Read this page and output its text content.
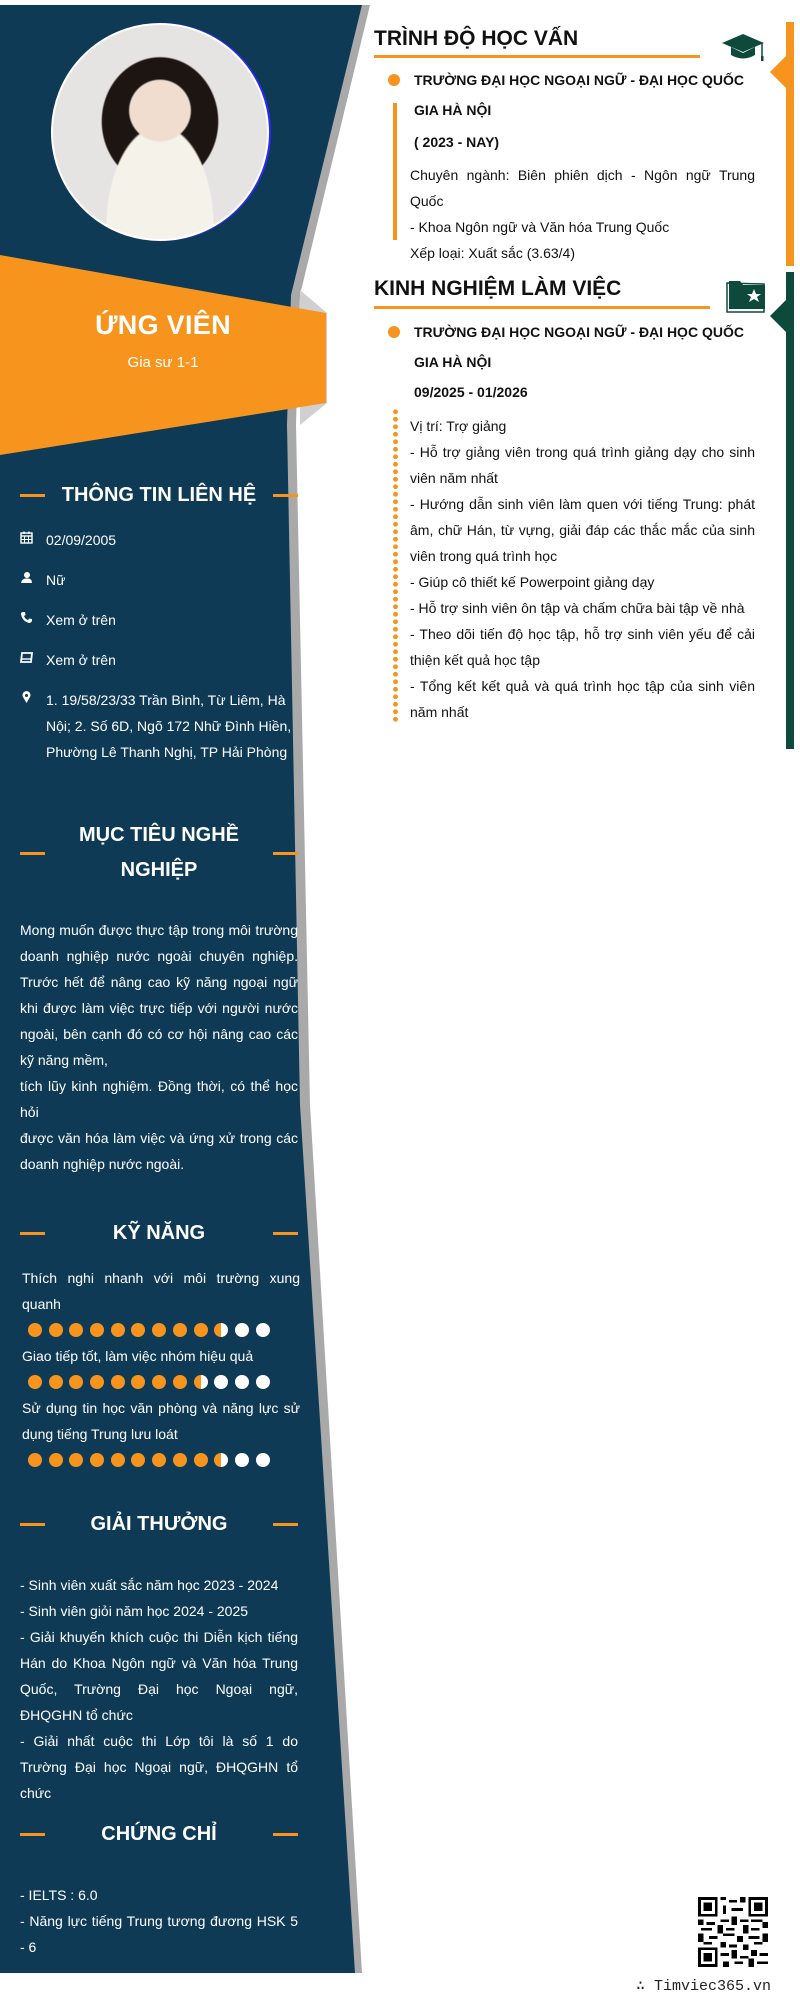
ỨNG VIÊN
Gia sư 1-1
THÔNG TIN LIÊN HỆ
02/09/2005
Nữ
Xem ở trên
Xem ở trên
1. 19/58/23/33 Trần Bình, Từ Liêm, Hà Nội; 2. Số 6D, Ngõ 172 Nhữ Đình Hiền, Phường Lê Thanh Nghị, TP Hải Phòng
MỤC TIÊU NGHỀ NGHIỆP
Mong muốn được thực tập trong môi trường doanh nghiệp nước ngoài chuyên nghiệp. Trước hết để nâng cao kỹ năng ngoại ngữ khi được làm việc trực tiếp với người nước ngoài, bên cạnh đó có cơ hội nâng cao các kỹ năng mềm,
tích lũy kinh nghiệm. Đồng thời, có thể học hỏi
được văn hóa làm việc và ứng xử trong các doanh nghiệp nước ngoài.
KỸ NĂNG
Thích nghi nhanh với môi trường xung quanh
Giao tiếp tốt, làm việc nhóm hiệu quả
Sử dụng tin học văn phòng và năng lực sử dụng tiếng Trung lưu loát
GIẢI THƯỞNG
- Sinh viên xuất sắc năm học 2023 - 2024
- Sinh viên giỏi năm học 2024 - 2025
- Giải khuyến khích cuộc thi Diễn kịch tiếng Hán do Khoa Ngôn ngữ và Văn hóa Trung Quốc, Trường Đại học Ngoại ngữ, ĐHQGHN tổ chức
- Giải nhất cuộc thi Lớp tôi là số 1 do Trường Đại học Ngoại ngữ, ĐHQGHN tổ chức
CHỨNG CHỈ
- IELTS : 6.0
- Năng lực tiếng Trung tương đương HSK 5 - 6
TRÌNH ĐỘ HỌC VẤN
TRƯỜNG ĐẠI HỌC NGOẠI NGỮ - ĐẠI HỌC QUỐC GIA HÀ NỘI
( 2023 - NAY)
Chuyên ngành: Biên phiên dịch - Ngôn ngữ Trung Quốc
- Khoa Ngôn ngữ và Văn hóa Trung Quốc
Xếp loại: Xuất sắc (3.63/4)
KINH NGHIỆM LÀM VIỆC
TRƯỜNG ĐẠI HỌC NGOẠI NGỮ - ĐẠI HỌC QUỐC GIA HÀ NỘI
09/2025 - 01/2026
Vị trí: Trợ giảng
- Hỗ trợ giảng viên trong quá trình giảng dạy cho sinh viên năm nhất
- Hướng dẫn sinh viên làm quen với tiếng Trung: phát âm, chữ Hán, từ vựng, giải đáp các thắc mắc của sinh viên trong quá trình học
- Giúp cô thiết kế Powerpoint giảng dạy
- Hỗ trợ sinh viên ôn tập và chấm chữa bài tập về nhà
- Theo dõi tiến độ học tập, hỗ trợ sinh viên yếu để cải thiện kết quả học tập
- Tổng kết kết quả và quá trình học tập của sinh viên năm nhất
∴ Timviec365.vn
